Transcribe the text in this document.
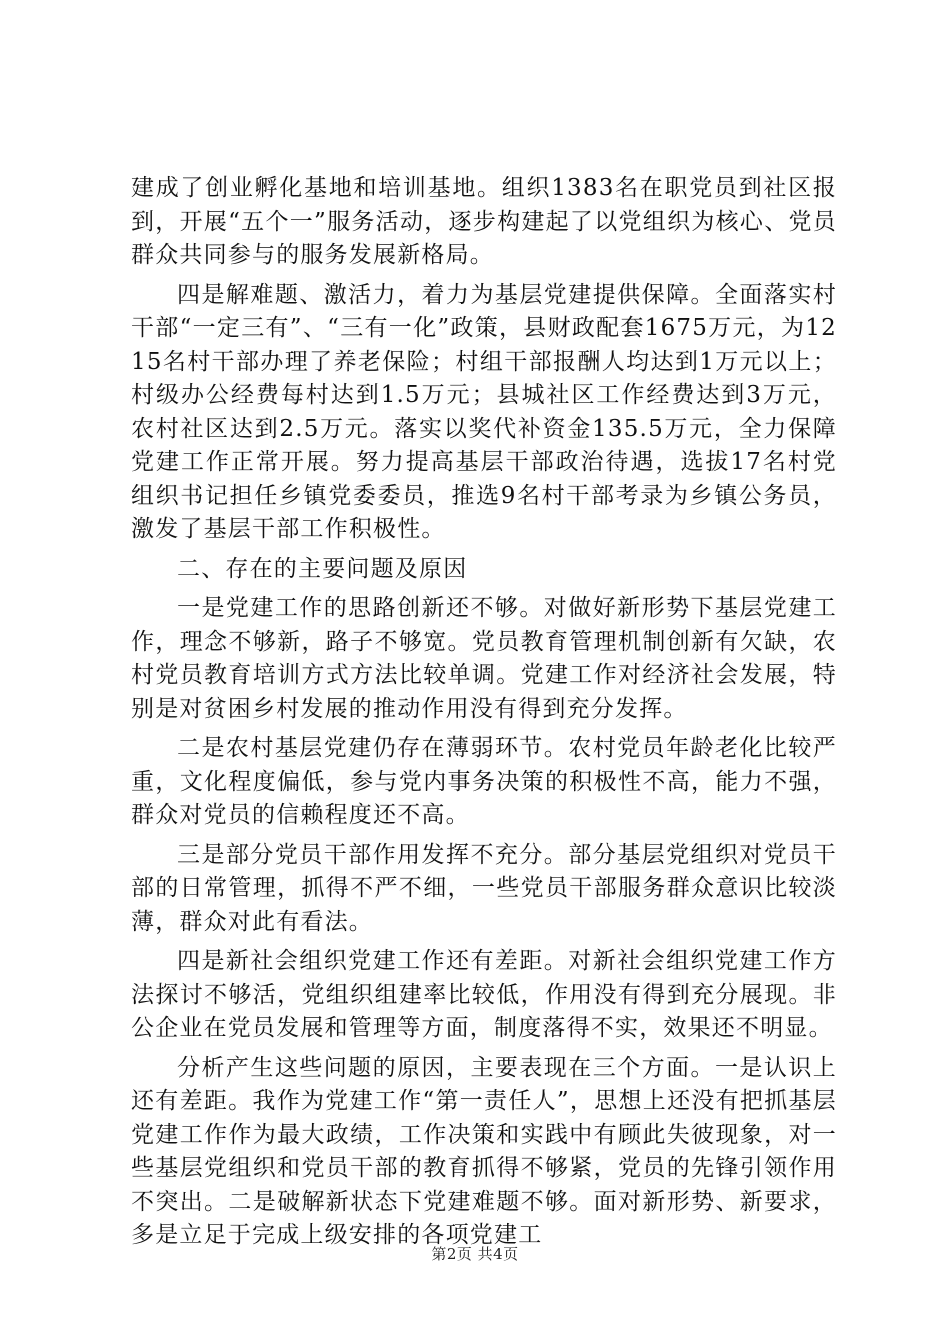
建成了创业孵化基地和培训基地。组织1383名在职党员到社区报到，开展“五个一”服务活动，逐步构建起了以党组织为核心、党员群众共同参与的服务发展新格局。

四是解难题、激活力，着力为基层党建提供保障。全面落实村干部“一定三有”、“三有一化”政策，县财政配套1675万元，为1215名村干部办理了养老保险；村组干部报酬人均达到1万元以上；村级办公经费每村达到1.5万元；县城社区工作经费达到3万元，农村社区达到2.5万元。落实以奖代补资金135.5万元，全力保障党建工作正常开展。努力提高基层干部政治待遇，选拔17名村党组织书记担任乡镇党委委员，推选9名村干部考录为乡镇公务员，激发了基层干部工作积极性。

二、存在的主要问题及原因

一是党建工作的思路创新还不够。对做好新形势下基层党建工作，理念不够新，路子不够宽。党员教育管理机制创新有欠缺，农村党员教育培训方式方法比较单调。党建工作对经济社会发展，特别是对贫困乡村发展的推动作用没有得到充分发挥。

二是农村基层党建仍存在薄弱环节。农村党员年龄老化比较严重，文化程度偏低，参与党内事务决策的积极性不高，能力不强，群众对党员的信赖程度还不高。

三是部分党员干部作用发挥不充分。部分基层党组织对党员干部的日常管理，抓得不严不细，一些党员干部服务群众意识比较淡薄，群众对此有看法。

四是新社会组织党建工作还有差距。对新社会组织党建工作方法探讨不够活，党组织组建率比较低，作用没有得到充分展现。非公企业在党员发展和管理等方面，制度落得不实，效果还不明显。

分析产生这些问题的原因，主要表现在三个方面。一是认识上还有差距。我作为党建工作“第一责任人”，思想上还没有把抓基层党建工作作为最大政绩，工作决策和实践中有顾此失彼现象，对一些基层党组织和党员干部的教育抓得不够紧，党员的先锋引领作用不突出。二是破解新状态下党建难题不够。面对新形势、新要求，多是立足于完成上级安排的各项党建工

第2页 共4页
